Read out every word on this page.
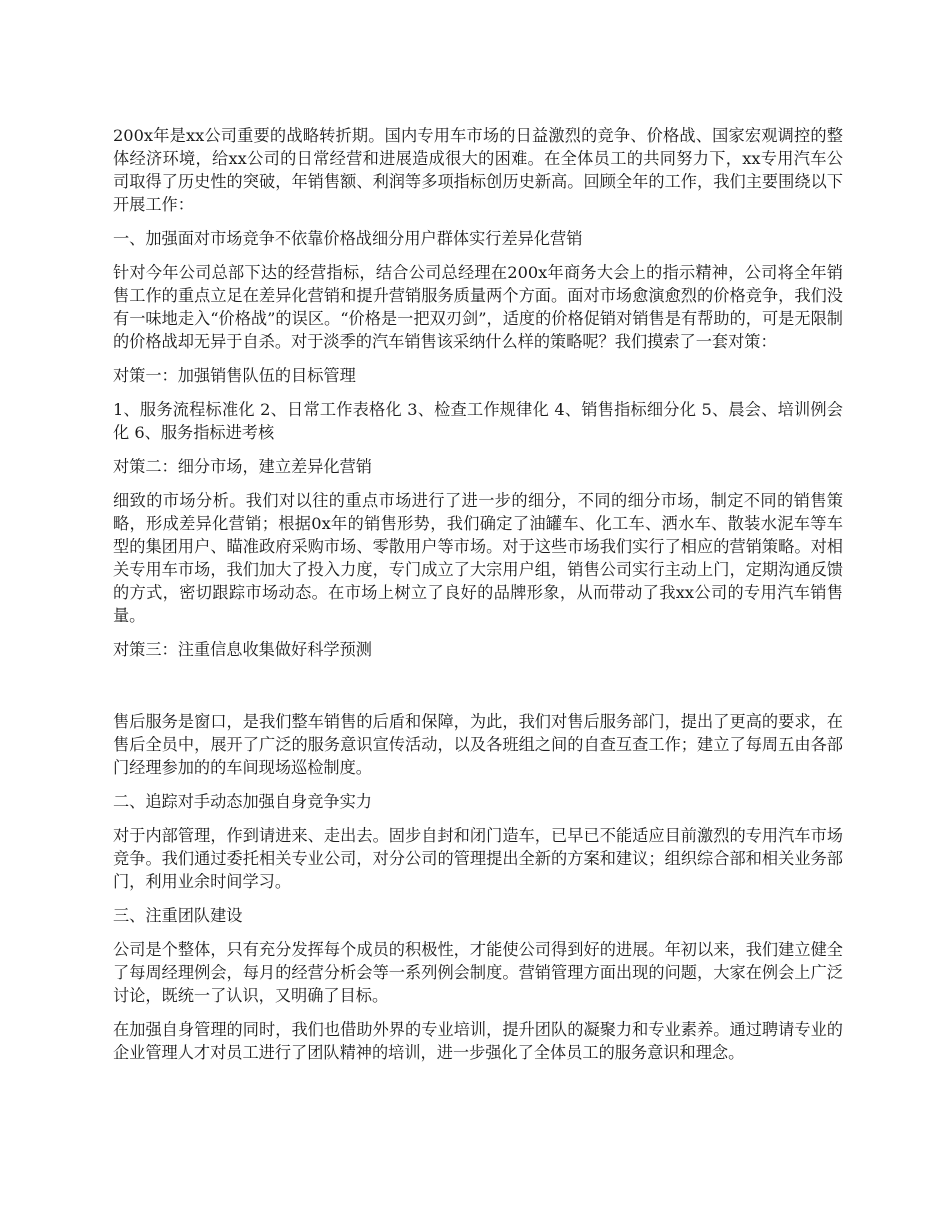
200x年是xx公司重要的战略转折期。国内专用车市场的日益激烈的竞争、价格战、国家宏观调控的整体经济环境，给xx公司的日常经营和进展造成很大的困难。在全体员工的共同努力下，xx专用汽车公司取得了历史性的突破，年销售额、利润等多项指标创历史新高。回顾全年的工作，我们主要围绕以下开展工作：

一、加强面对市场竞争不依靠价格战细分用户群体实行差异化营销

针对今年公司总部下达的经营指标，结合公司总经理在200x年商务大会上的指示精神，公司将全年销售工作的重点立足在差异化营销和提升营销服务质量两个方面。面对市场愈演愈烈的价格竞争，我们没有一味地走入“价格战”的误区。“价格是一把双刃剑”，适度的价格促销对销售是有帮助的，可是无限制的价格战却无异于自杀。对于淡季的汽车销售该采纳什么样的策略呢？我们摸索了一套对策：

对策一：加强销售队伍的目标管理

1、服务流程标准化 2、日常工作表格化 3、检查工作规律化 4、销售指标细分化 5、晨会、培训例会化 6、服务指标进考核

对策二：细分市场，建立差异化营销

细致的市场分析。我们对以往的重点市场进行了进一步的细分，不同的细分市场，制定不同的销售策略，形成差异化营销；根据0x年的销售形势，我们确定了油罐车、化工车、洒水车、散装水泥车等车型的集团用户、瞄准政府采购市场、零散用户等市场。对于这些市场我们实行了相应的营销策略。对相关专用车市场，我们加大了投入力度，专门成立了大宗用户组，销售公司实行主动上门，定期沟通反馈的方式，密切跟踪市场动态。在市场上树立了良好的品牌形象，从而带动了我xx公司的专用汽车销售量。

对策三：注重信息收集做好科学预测

售后服务是窗口，是我们整车销售的后盾和保障，为此，我们对售后服务部门，提出了更高的要求，在售后全员中，展开了广泛的服务意识宣传活动，以及各班组之间的自查互查工作；建立了每周五由各部门经理参加的的车间现场巡检制度。

二、追踪对手动态加强自身竞争实力

对于内部管理，作到请进来、走出去。固步自封和闭门造车，已早已不能适应目前激烈的专用汽车市场竞争。我们通过委托相关专业公司，对分公司的管理提出全新的方案和建议；组织综合部和相关业务部门，利用业余时间学习。

三、注重团队建设

公司是个整体，只有充分发挥每个成员的积极性，才能使公司得到好的进展。年初以来，我们建立健全了每周经理例会，每月的经营分析会等一系列例会制度。营销管理方面出现的问题，大家在例会上广泛讨论，既统一了认识，又明确了目标。

在加强自身管理的同时，我们也借助外界的专业培训，提升团队的凝聚力和专业素养。通过聘请专业的企业管理人才对员工进行了团队精神的培训，进一步强化了全体员工的服务意识和理念。
